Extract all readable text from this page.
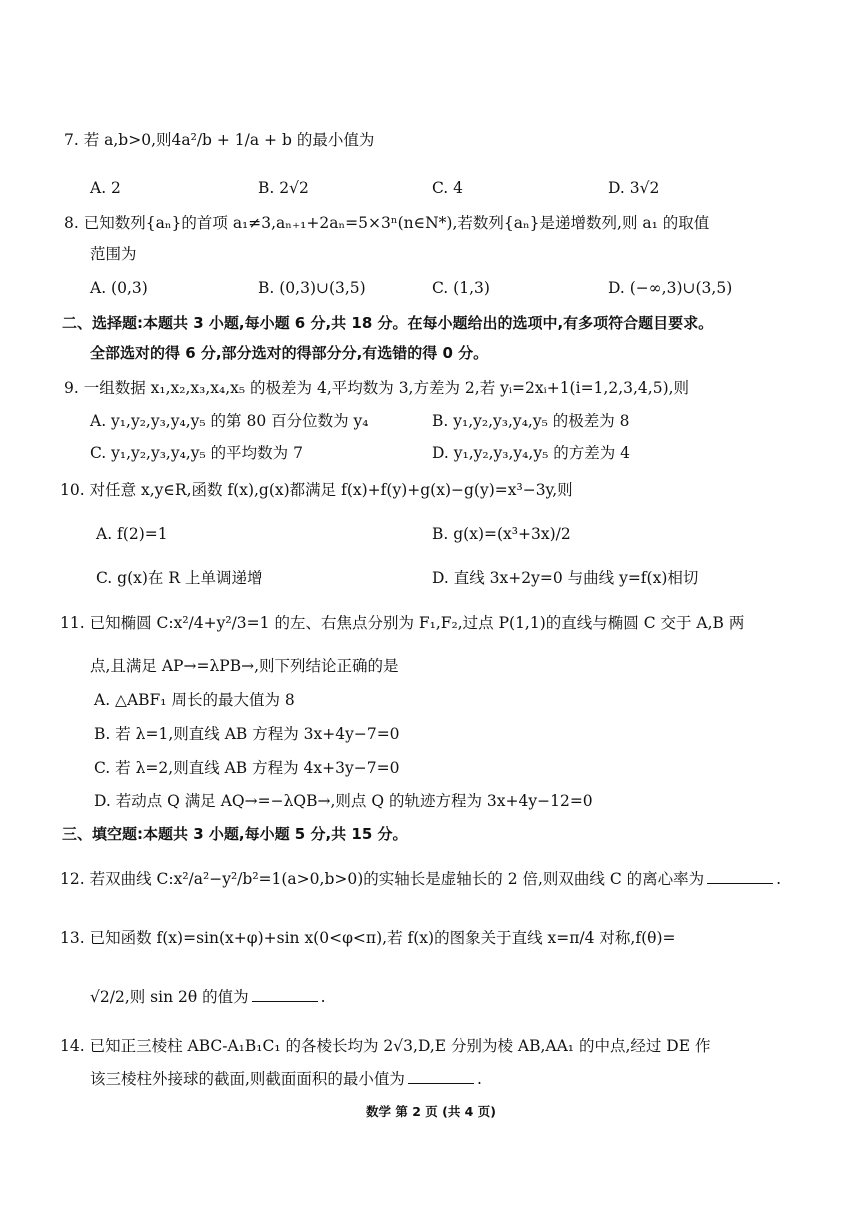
7. 若 a,b>0,则4a²/b + 1/a + b 的最小值为
A. 2	B. 2√2	C. 4	D. 3√2
8. 已知数列{aₙ}的首项 a₁≠3,aₙ₊₁+2aₙ=5×3ⁿ(n∈N*),若数列{aₙ}是递增数列,则 a₁ 的取值
范围为
A. (0,3)	B. (0,3)∪(3,5)	C. (1,3)	D. (−∞,3)∪(3,5)
二、选择题:本题共 3 小题,每小题 6 分,共 18 分。在每小题给出的选项中,有多项符合题目要求。
全部选对的得 6 分,部分选对的得部分分,有选错的得 0 分。
9. 一组数据 x₁,x₂,x₃,x₄,x₅ 的极差为 4,平均数为 3,方差为 2,若 yᵢ=2xᵢ+1(i=1,2,3,4,5),则
A. y₁,y₂,y₃,y₄,y₅ 的第 80 百分位数为 y₄	B. y₁,y₂,y₃,y₄,y₅ 的极差为 8
C. y₁,y₂,y₃,y₄,y₅ 的平均数为 7	D. y₁,y₂,y₃,y₄,y₅ 的方差为 4
10. 对任意 x,y∈R,函数 f(x),g(x)都满足 f(x)+f(y)+g(x)−g(y)=x³−3y,则
A. f(2)=1	B. g(x)=(x³+3x)/2
C. g(x)在 R 上单调递增	D. 直线 3x+2y=0 与曲线 y=f(x)相切
11. 已知椭圆 C:x²/4+y²/3=1 的左、右焦点分别为 F₁,F₂,过点 P(1,1)的直线与椭圆 C 交于 A,B 两
点,且满足 AP→=λPB→,则下列结论正确的是
A. △ABF₁ 周长的最大值为 8
B. 若 λ=1,则直线 AB 方程为 3x+4y−7=0
C. 若 λ=2,则直线 AB 方程为 4x+3y−7=0
D. 若动点 Q 满足 AQ→=−λQB→,则点 Q 的轨迹方程为 3x+4y−12=0
三、填空题:本题共 3 小题,每小题 5 分,共 15 分。
12. 若双曲线 C:x²/a²−y²/b²=1(a>0,b>0)的实轴长是虚轴长的 2 倍,则双曲线 C 的离心率为	.
13. 已知函数 f(x)=sin(x+φ)+sin x(0<φ<π),若 f(x)的图象关于直线 x=π/4 对称,f(θ)=
√2/2,则 sin 2θ 的值为	.
14. 已知正三棱柱 ABC-A₁B₁C₁ 的各棱长均为 2√3,D,E 分别为棱 AB,AA₁ 的中点,经过 DE 作
该三棱柱外接球的截面,则截面面积的最小值为	.
数学 第 2 页 (共 4 页)
